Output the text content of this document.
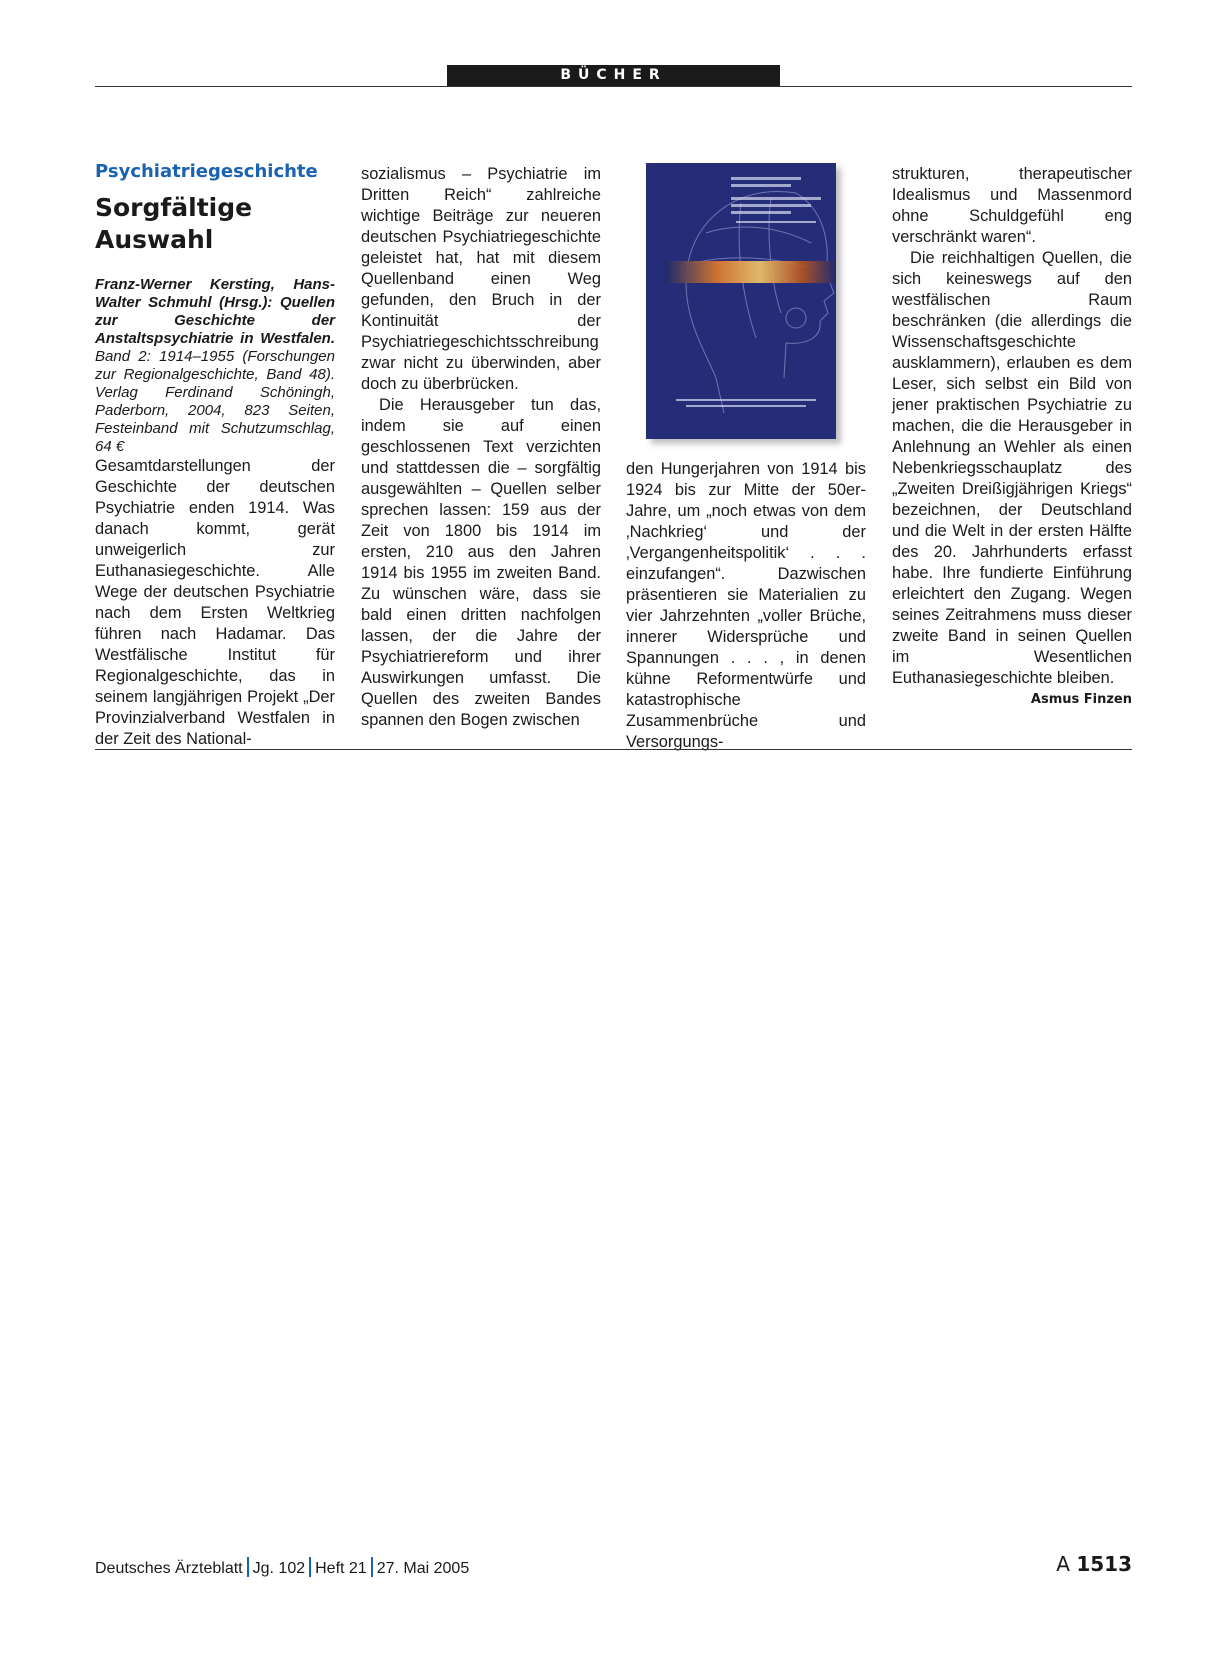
BÜCHER
Psychiatriegeschichte
Sorgfältige
Auswahl

Franz-Werner Kersting, Hans-Walter Schmuhl (Hrsg.): Quellen zur Geschichte der Anstaltspsychiatrie in Westfalen. Band 2: 1914–1955 (Forschungen zur Regionalgeschichte, Band 48). Verlag Ferdinand Schöningh, Paderborn, 2004, 823 Seiten, Festeinband mit Schutzumschlag, 64 €

Gesamtdarstellungen der Geschichte der deutschen Psychiatrie enden 1914. Was danach kommt, gerät unweigerlich zur Euthanasiegeschichte. Alle Wege der deutschen Psychiatrie nach dem Ersten Weltkrieg führen nach Hadamar. Das Westfälische Institut für Regionalgeschichte, das in seinem langjährigen Projekt „Der Provinzialverband Westfalen in der Zeit des National-

sozialismus – Psychiatrie im Dritten Reich“ zahlreiche wichtige Beiträge zur neueren deutschen Psychiatriegeschichte geleistet hat, hat mit diesem Quellenband einen Weg gefunden, den Bruch in der Kontinuität der Psychiatriegeschichtsschreibung zwar nicht zu überwinden, aber doch zu überbrücken.

Die Herausgeber tun das, indem sie auf einen geschlossenen Text verzichten und stattdessen die – sorgfältig ausgewählten – Quellen selber sprechen lassen: 159 aus der Zeit von 1800 bis 1914 im ersten, 210 aus den Jahren 1914 bis 1955 im zweiten Band. Zu wünschen wäre, dass sie bald einen dritten nachfolgen lassen, der die Jahre der Psychiatriereform und ihrer Auswirkungen umfasst. Die Quellen des zweiten Bandes spannen den Bogen zwischen

den Hungerjahren von 1914 bis 1924 bis zur Mitte der 50er-Jahre, um „noch etwas von dem ‚Nachkrieg‘ und der ‚Vergangenheitspolitik‘ . . . einzufangen“. Dazwischen präsentieren sie Materialien zu vier Jahrzehnten „voller Brüche, innerer Widersprüche und Spannungen . . . , in denen kühne Reformentwürfe und katastrophische Zusammenbrüche und Versorgungs-

strukturen, therapeutischer Idealismus und Massenmord ohne Schuldgefühl eng verschränkt waren“.

Die reichhaltigen Quellen, die sich keineswegs auf den westfälischen Raum beschränken (die allerdings die Wissenschaftsgeschichte ausklammern), erlauben es dem Leser, sich selbst ein Bild von jener praktischen Psychiatrie zu machen, die die Herausgeber in Anlehnung an Wehler als einen Nebenkriegsschauplatz des „Zweiten Dreißigjährigen Kriegs“ bezeichnen, der Deutschland und die Welt in der ersten Hälfte des 20. Jahrhunderts erfasst habe. Ihre fundierte Einführung erleichtert den Zugang. Wegen seines Zeitrahmens muss dieser zweite Band in seinen Quellen im Wesentlichen Euthanasiegeschichte bleiben.
Asmus Finzen

Deutsches Ärzteblatt Jg. 102 Heft 21 27. Mai 2005	A 1513
